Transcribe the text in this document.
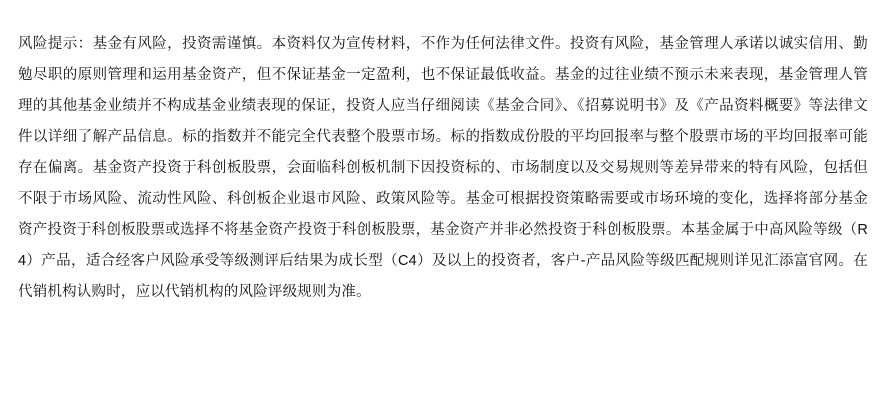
风险提示：基金有风险，投资需谨慎。本资料仅为宣传材料，不作为任何法律文件。投资有风险，基金管理人承诺以诚实信用、勤勉尽职的原则管理和运用基金资产，但不保证基金一定盈利，也不保证最低收益。基金的过往业绩不预示未来表现，基金管理人管理的其他基金业绩并不构成基金业绩表现的保证，投资人应当仔细阅读《基金合同》、《招募说明书》及《产品资料概要》等法律文件以详细了解产品信息。标的指数并不能完全代表整个股票市场。标的指数成份股的平均回报率与整个股票市场的平均回报率可能存在偏离。基金资产投资于科创板股票，会面临科创板机制下因投资标的、市场制度以及交易规则等差异带来的特有风险，包括但不限于市场风险、流动性风险、科创板企业退市风险、政策风险等。基金可根据投资策略需要或市场环境的变化，选择将部分基金资产投资于科创板股票或选择不将基金资产投资于科创板股票，基金资产并非必然投资于科创板股票。本基金属于中高风险等级（R4）产品，适合经客户风险承受等级测评后结果为成长型（C4）及以上的投资者，客户-产品风险等级匹配规则详见汇添富官网。在代销机构认购时，应以代销机构的风险评级规则为准。
